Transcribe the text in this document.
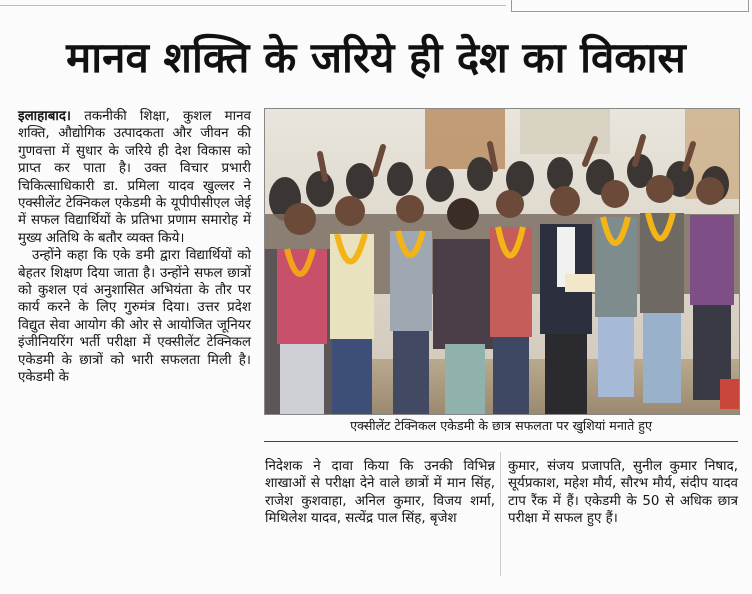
मानव शक्ति के जरिये ही देश का विकास

इलाहाबाद। तकनीकी शिक्षा, कुशल मानव शक्ति, औद्योगिक उत्पादकता और जीवन की गुणवत्ता में सुधार के जरिये ही देश विकास को प्राप्त कर पाता है। उक्त विचार प्रभारी चिकित्साधिकारी डा. प्रमिला यादव खुल्लर ने एक्सीलेंट टेक्निकल एकेडमी के यूपीपीसीएल जेई में सफल विद्यार्थियों के प्रतिभा प्रणाम समारोह में मुख्य अतिथि के बतौर व्यक्त किये।

उन्होंने कहा कि एके डमी द्वारा विद्यार्थियों को बेहतर शिक्षण दिया जाता है। उन्होंने सफल छात्रों को कुशल एवं अनुशासित अभियंता के तौर पर कार्य करने के लिए गुरुमंत्र दिया। उत्तर प्रदेश विद्युत सेवा आयोग की ओर से आयोजित जूनियर इंजीनियरिंग भर्ती परीक्षा में एक्सीलेंट टेक्निकल एकेडमी के छात्रों को भारी सफलता मिली है। एकेडमी के

एक्सीलेंट टेक्निकल एकेडमी के छात्र सफलता पर खुशियां मनाते हुए
निदेशक ने दावा किया कि उनकी विभिन्न शाखाओं से परीक्षा देने वाले छात्रों में मान सिंह, राजेश कुशवाहा, अनिल कुमार, विजय शर्मा, मिथिलेश यादव, सत्येंद्र पाल सिंह, बृजेश
कुमार, संजय प्रजापति, सुनील कुमार निषाद, सूर्यप्रकाश, महेश मौर्य, सौरभ मौर्य, संदीप यादव टाप रैंक में हैं। एकेडमी के 50 से अधिक छात्र परीक्षा में सफल हुए हैं।
